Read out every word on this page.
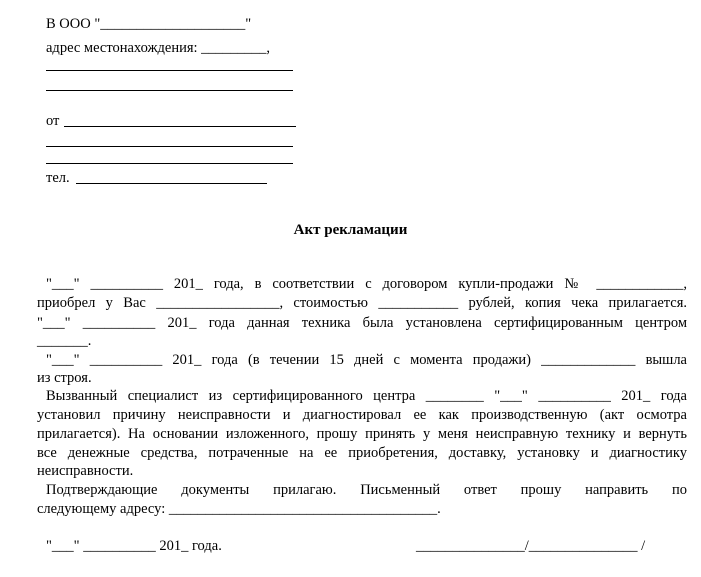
В ООО "____________________"
адрес местонахождения: _________,
от
тел.
Акт рекламации
"___" __________ 201_ года, в соответствии с договором купли-продажи № ____________,
приобрел у Вас _________________, стоимостью ___________ рублей, копия чека прилагается.
"___" __________ 201_ года данная техника была установлена сертифицированным центром
_______.
"___" __________ 201_ года (в течении 15 дней с момента продажи) _____________ вышла
из строя.
Вызванный специалист из сертифицированного центра ________ "___" __________ 201_ года
установил причину неисправности и диагностировал ее как производственную (акт осмотра
прилагается). На основании изложенного, прошу принять у меня неисправную технику и вернуть
все денежные средства, потраченные на ее приобретения, доставку, установку и диагностику
неисправности.
Подтверждающие документы прилагаю. Письменный ответ прошу направить по
следующему адресу: _____________________________________.
"___" __________ 201_ года.	_______________/_______________ /
